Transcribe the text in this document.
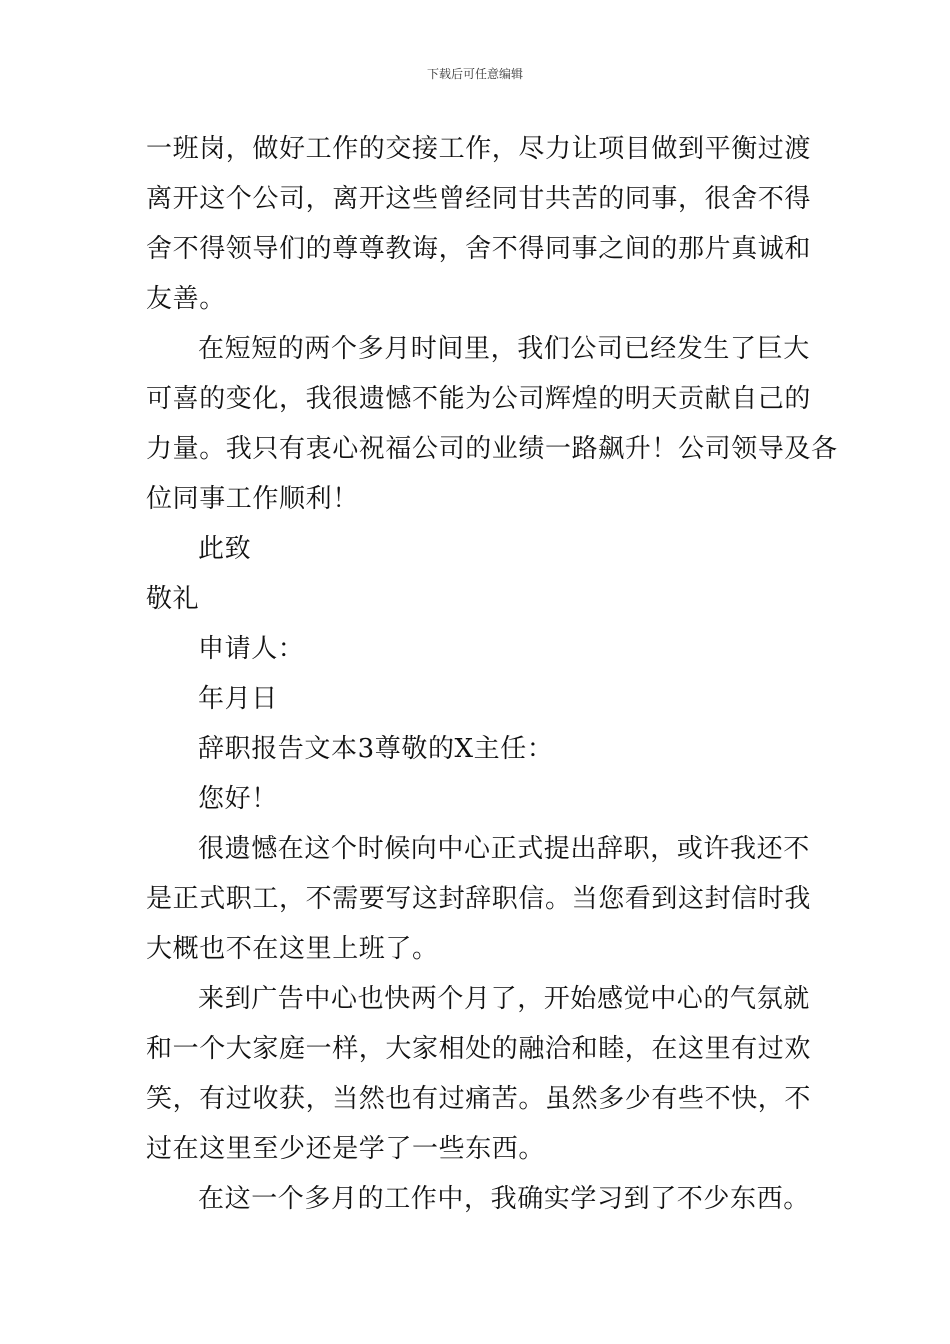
下载后可任意编辑
一班岗，做好工作的交接工作，尽力让项目做到平衡过渡
离开这个公司，离开这些曾经同甘共苦的同事，很舍不得
舍不得领导们的尊尊教诲，舍不得同事之间的那片真诚和
友善。
在短短的两个多月时间里，我们公司已经发生了巨大
可喜的变化，我很遗憾不能为公司辉煌的明天贡献自己的
力量。我只有衷心祝福公司的业绩一路飙升！公司领导及各
位同事工作顺利！
此致
敬礼
申请人：
年月日
辞职报告文本3尊敬的X主任：
您好！
很遗憾在这个时候向中心正式提出辞职，或许我还不
是正式职工，不需要写这封辞职信。当您看到这封信时我
大概也不在这里上班了。
来到广告中心也快两个月了，开始感觉中心的气氛就
和一个大家庭一样，大家相处的融洽和睦，在这里有过欢
笑，有过收获，当然也有过痛苦。虽然多少有些不快，不
过在这里至少还是学了一些东西。
在这一个多月的工作中，我确实学习到了不少东西。
